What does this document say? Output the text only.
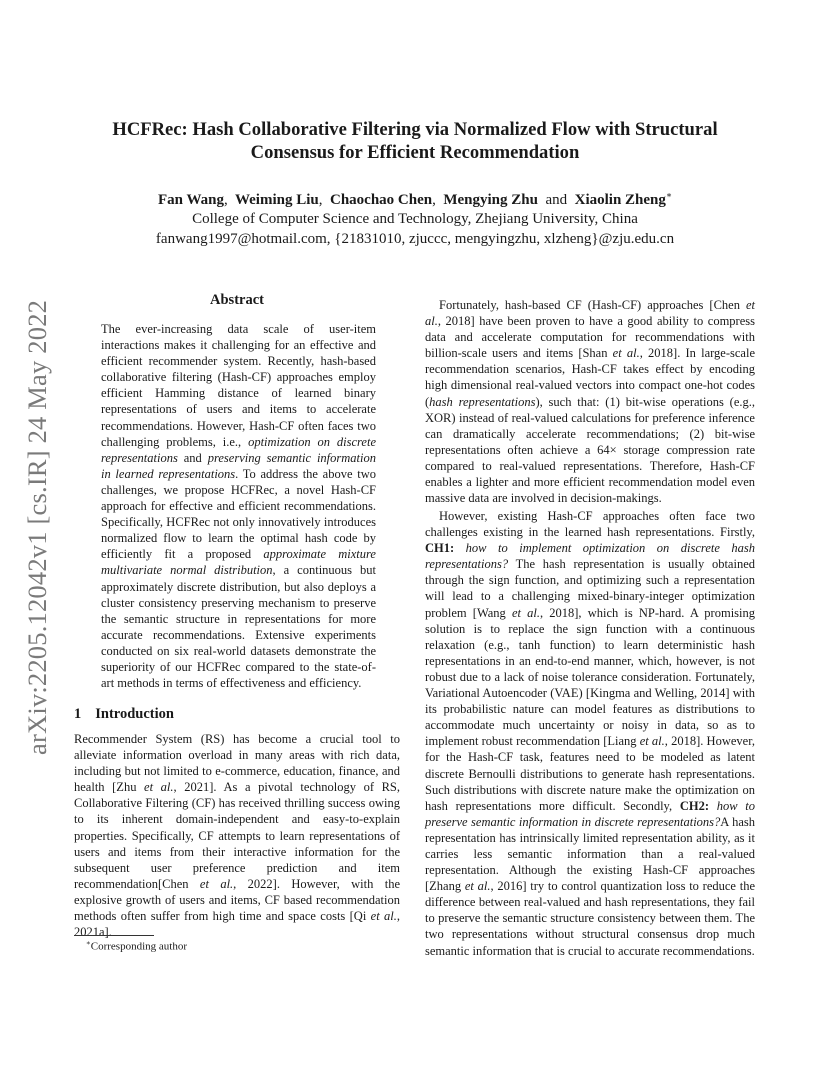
arXiv:2205.12042v1 [cs.IR] 24 May 2022
HCFRec: Hash Collaborative Filtering via Normalized Flow with Structural
Consensus for Efficient Recommendation
Fan Wang, Weiming Liu, Chaochao Chen, Mengying Zhu and Xiaolin Zheng∗
College of Computer Science and Technology, Zhejiang University, China
fanwang1997@hotmail.com, {21831010, zjuccc, mengyingzhu, xlzheng}@zju.edu.cn
Abstract

The ever-increasing data scale of user-item interactions makes it challenging for an effective and efficient recommender system. Recently, hash-based collaborative filtering (Hash-CF) approaches employ efficient Hamming distance of learned binary representations of users and items to accelerate recommendations. However, Hash-CF often faces two challenging problems, i.e., optimization on discrete representations and preserving semantic information in learned representations. To address the above two challenges, we propose HCFRec, a novel Hash-CF approach for effective and efficient recommendations. Specifically, HCFRec not only innovatively introduces normalized flow to learn the optimal hash code by efficiently fit a proposed approximate mixture multivariate normal distribution, a continuous but approximately discrete distribution, but also deploys a cluster consistency preserving mechanism to preserve the semantic structure in representations for more accurate recommendations. Extensive experiments conducted on six real-world datasets demonstrate the superiority of our HCFRec compared to the state-of-art methods in terms of effectiveness and efficiency.

1 Introduction

Recommender System (RS) has become a crucial tool to alleviate information overload in many areas with rich data, including but not limited to e-commerce, education, finance, and health [Zhu et al., 2021]. As a pivotal technology of RS, Collaborative Filtering (CF) has received thrilling success owing to its inherent domain-independent and easy-to-explain properties. Specifically, CF attempts to learn representations of users and items from their interactive information for the subsequent user preference prediction and item recommendation[Chen et al., 2022]. However, with the explosive growth of users and items, CF based recommendation methods often suffer from high time and space costs [Qi et al., 2021a].

∗Corresponding author

Fortunately, hash-based CF (Hash-CF) approaches [Chen et al., 2018] have been proven to have a good ability to compress data and accelerate computation for recommendations with billion-scale users and items [Shan et al., 2018]. In large-scale recommendation scenarios, Hash-CF takes effect by encoding high dimensional real-valued vectors into compact one-hot codes (hash representations), such that: (1) bit-wise operations (e.g., XOR) instead of real-valued calculations for preference inference can dramatically accelerate recommendations; (2) bit-wise representations often achieve a 64× storage compression rate compared to real-valued representations. Therefore, Hash-CF enables a lighter and more efficient recommendation model even massive data are involved in decision-makings.

However, existing Hash-CF approaches often face two challenges existing in the learned hash representations. Firstly, CH1: how to implement optimization on discrete hash representations? The hash representation is usually obtained through the sign function, and optimizing such a representation will lead to a challenging mixed-binary-integer optimization problem [Wang et al., 2018], which is NP-hard. A promising solution is to replace the sign function with a continuous relaxation (e.g., tanh function) to learn deterministic hash representations in an end-to-end manner, which, however, is not robust due to a lack of noise tolerance consideration. Fortunately, Variational Autoencoder (VAE) [Kingma and Welling, 2014] with its probabilistic nature can model features as distributions to accommodate much uncertainty or noisy in data, so as to implement robust recommendation [Liang et al., 2018]. However, for the Hash-CF task, features need to be modeled as latent discrete Bernoulli distributions to generate hash representations. Such distributions with discrete nature make the optimization on hash representations more difficult. Secondly, CH2: how to preserve semantic information in discrete representations?A hash representation has intrinsically limited representation ability, as it carries less semantic information than a real-valued representation. Although the existing Hash-CF approaches [Zhang et al., 2016] try to control quantization loss to reduce the difference between real-valued and hash representations, they fail to preserve the semantic structure consistency between them. The two representations without structural consensus drop much semantic information that is crucial to accurate recommendations.
